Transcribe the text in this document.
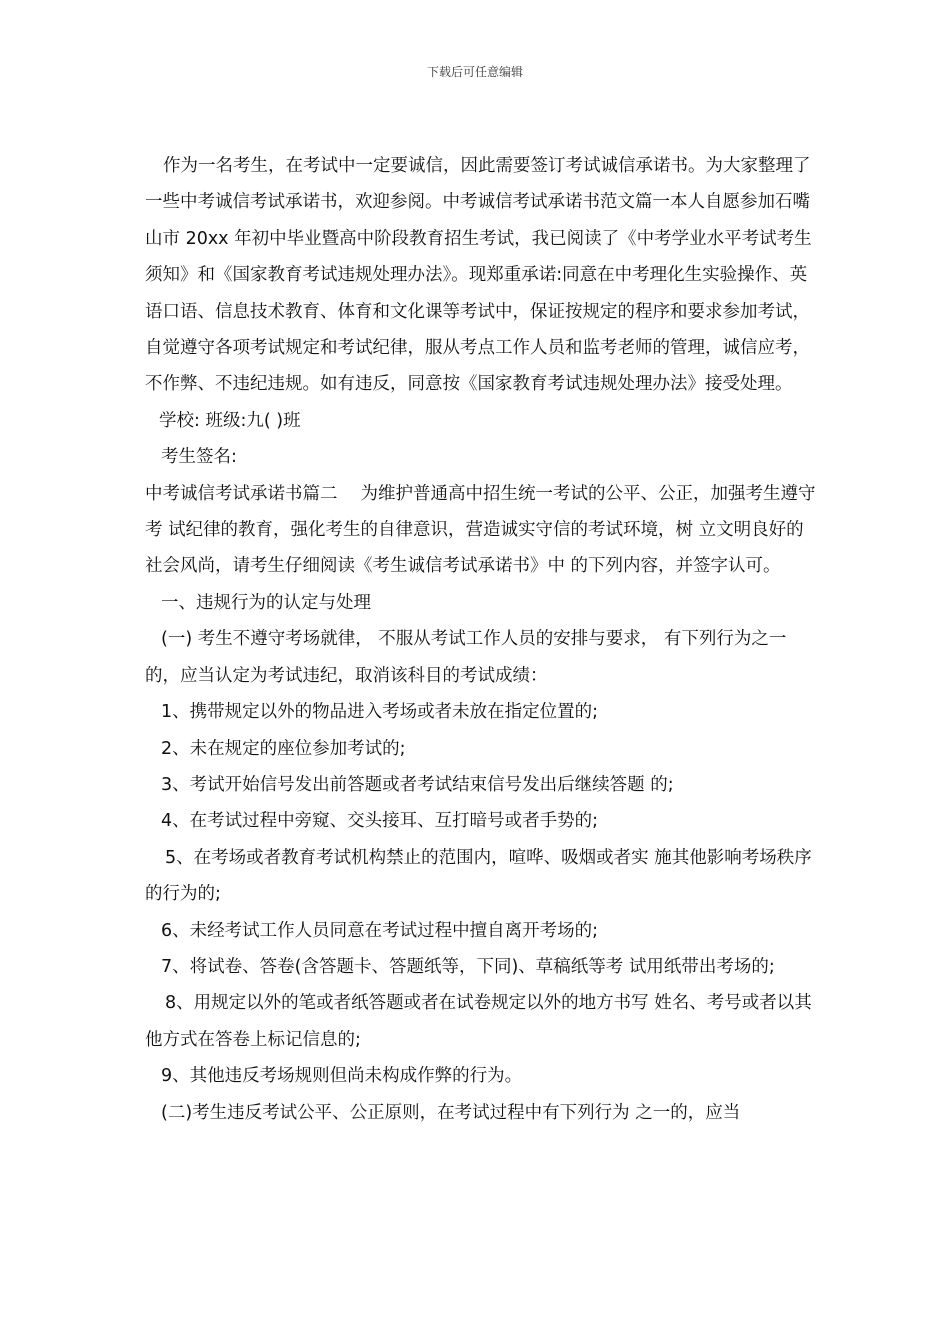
下载后可任意编辑

作为一名考生，在考试中一定要诚信，因此需要签订考试诚信承诺书。为大家整理了一些中考诚信考试承诺书，欢迎参阅。中考诚信考试承诺书范文篇一本人自愿参加石嘴山市 20xx 年初中毕业暨高中阶段教育招生考试，我已阅读了《中考学业水平考试考生须知》和《国家教育考试违规处理办法》。现郑重承诺:同意在中考理化生实验操作、英语口语、信息技术教育、体育和文化课等考试中，保证按规定的程序和要求参加考试，自觉遵守各项考试规定和考试纪律，服从考点工作人员和监考老师的管理，诚信应考，不作弊、不违纪违规。如有违反，同意按《国家教育考试违规处理办法》接受处理。

学校: 班级:九( )班

考生签名:

中考诚信考试承诺书篇二　 为维护普通高中招生统一考试的公平、公正，加强考生遵守考 试纪律的教育，强化考生的自律意识，营造诚实守信的考试环境，树 立文明良好的社会风尚，请考生仔细阅读《考生诚信考试承诺书》中 的下列内容，并签字认可。

一、违规行为的认定与处理

(一) 考生不遵守考场就律， 不服从考试工作人员的安排与要求， 有下列行为之一的，应当认定为考试违纪，取消该科目的考试成绩：

1、携带规定以外的物品进入考场或者未放在指定位置的;

2、未在规定的座位参加考试的;

3、考试开始信号发出前答题或者考试结束信号发出后继续答题 的;

4、在考试过程中旁窥、交头接耳、互打暗号或者手势的;

5、在考场或者教育考试机构禁止的范围内，喧哗、吸烟或者实 施其他影响考场秩序的行为的;

6、未经考试工作人员同意在考试过程中擅自离开考场的;

7、将试卷、答卷(含答题卡、答题纸等，下同)、草稿纸等考 试用纸带出考场的;

8、用规定以外的笔或者纸答题或者在试卷规定以外的地方书写 姓名、考号或者以其他方式在答卷上标记信息的;

9、其他违反考场规则但尚未构成作弊的行为。

(二)考生违反考试公平、公正原则，在考试过程中有下列行为 之一的，应当
